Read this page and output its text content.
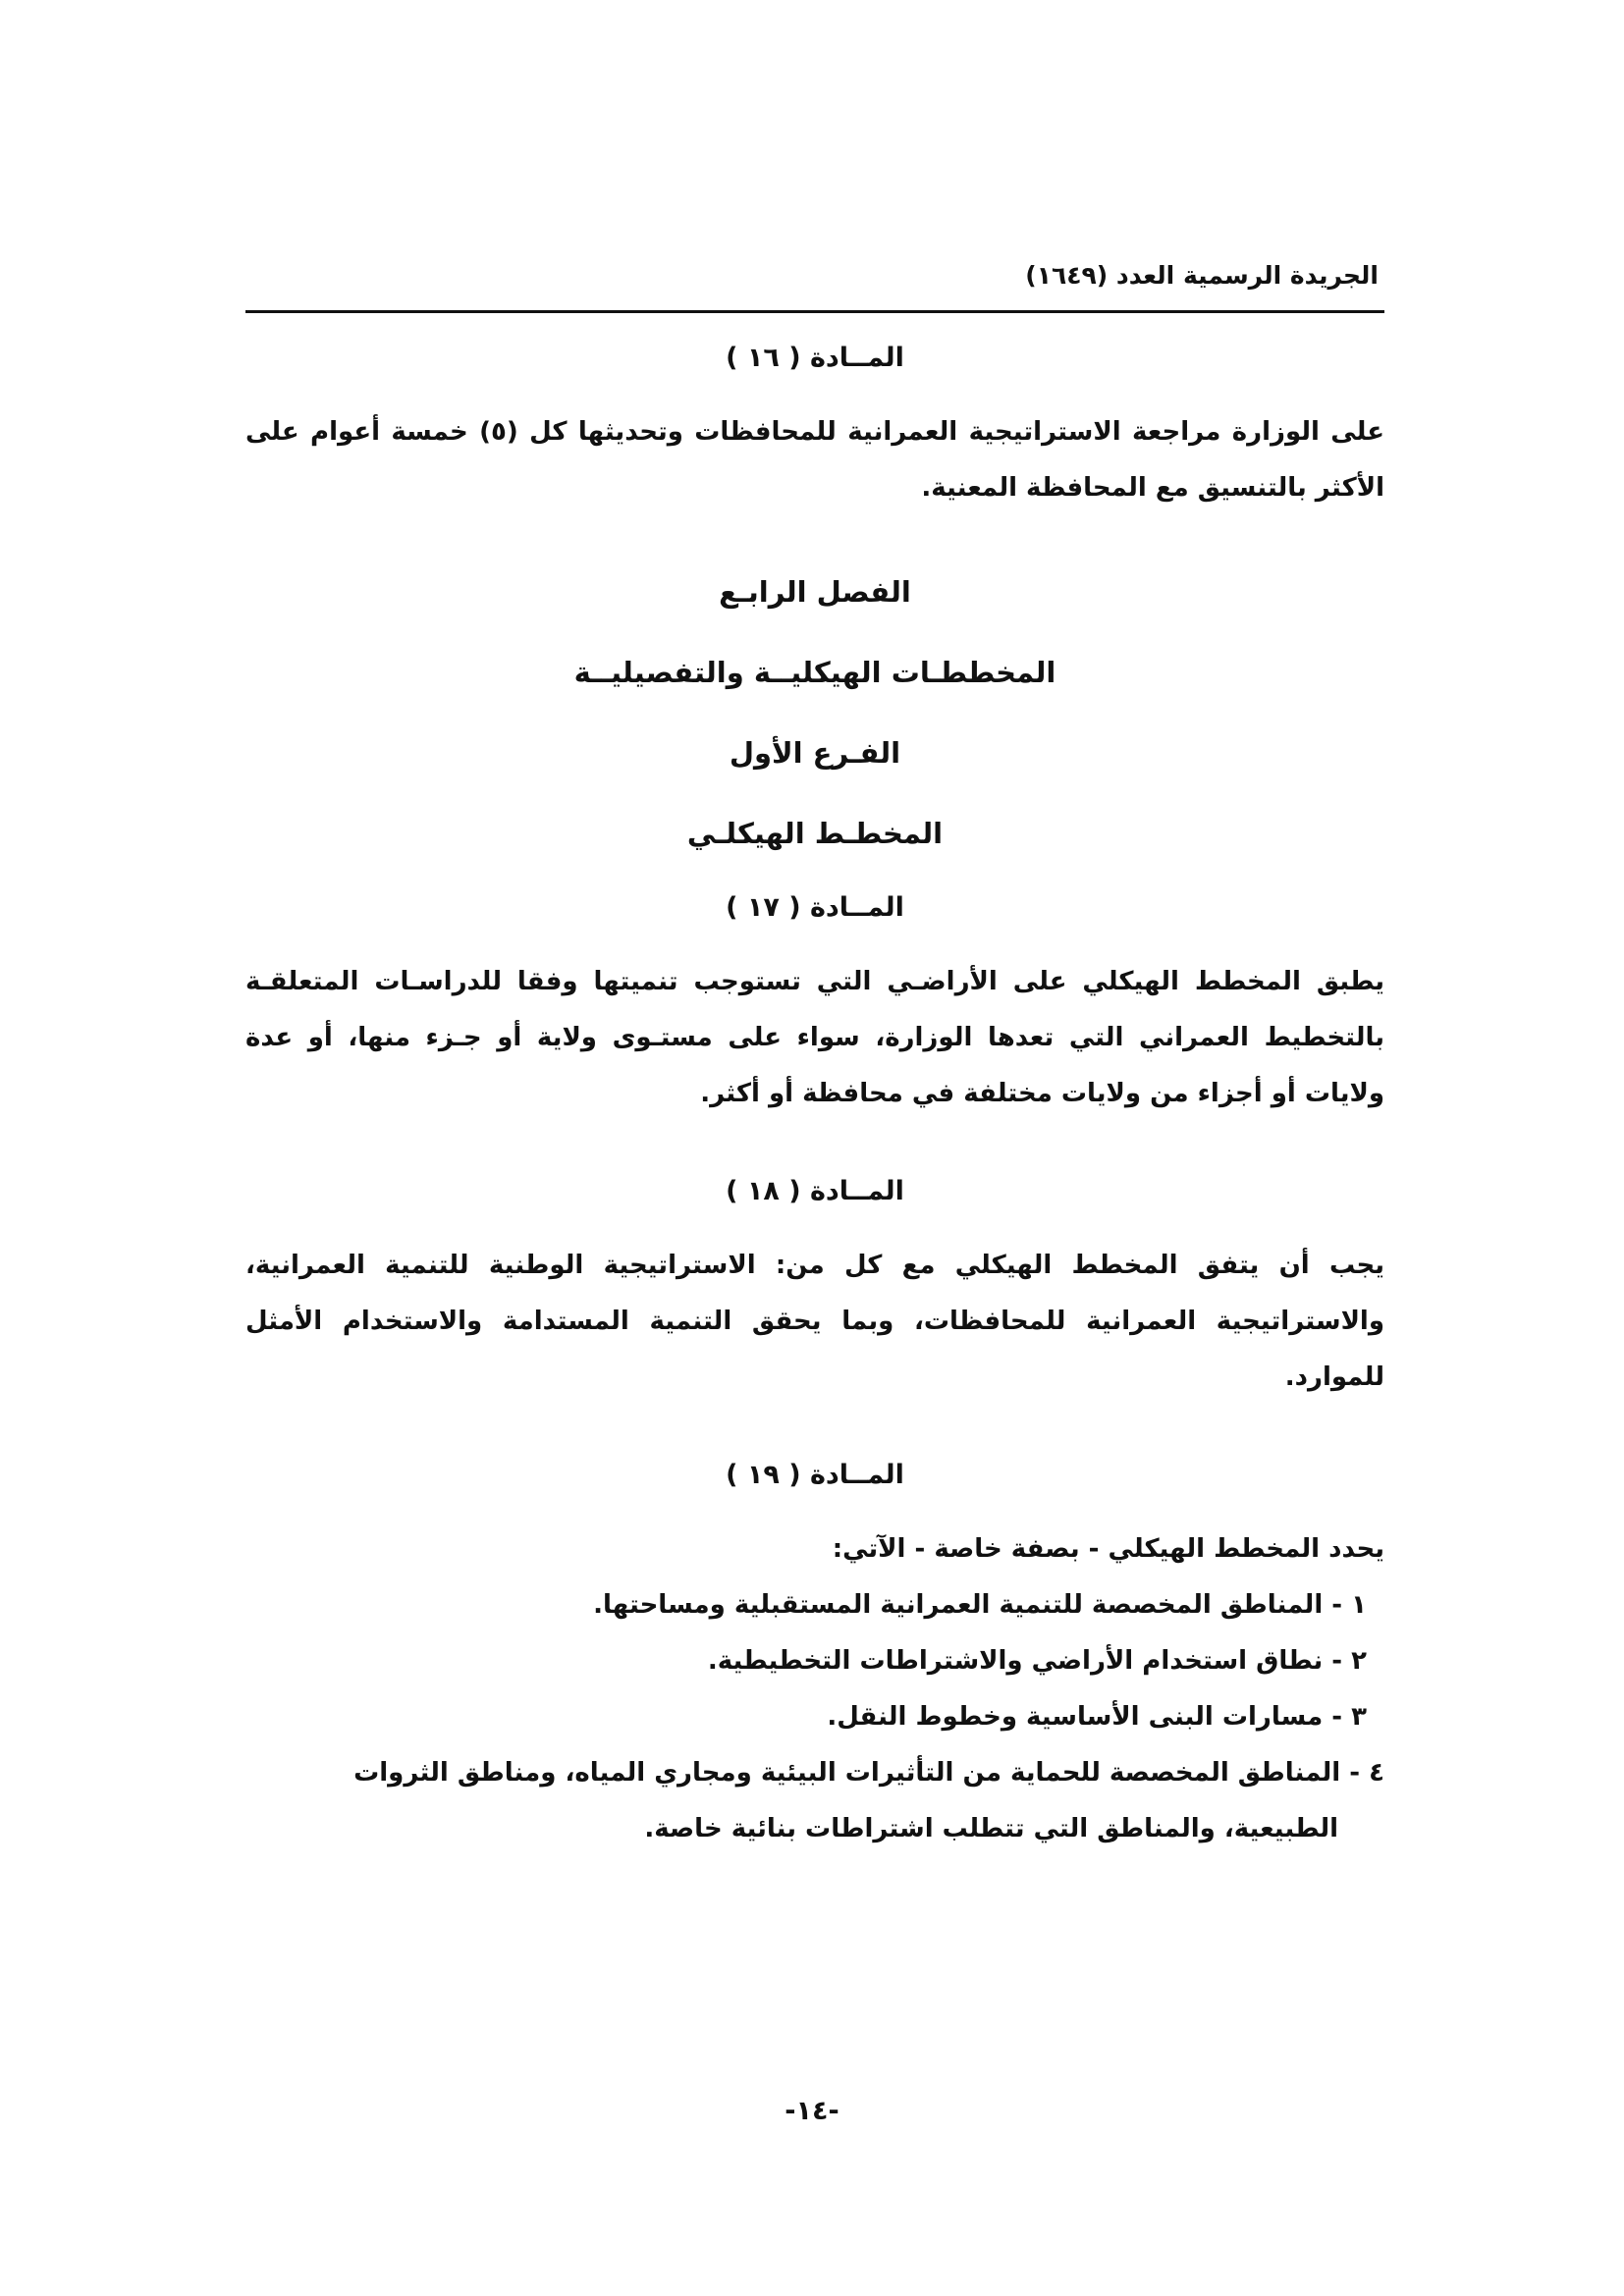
الجريدة الرسمية العدد (١٦٤٩)
المــادة ( ١٦ )

على الوزارة مراجعة الاستراتيجية العمرانية للمحافظات وتحديثها كل (٥) خمسة أعوام على الأكثر بالتنسيق مع المحافظة المعنية.

الفصل الرابـع
المخططـات الهيكليــة والتفصيليــة
الفـرع الأول
المخطـط الهيكلـي
المــادة ( ١٧ )

يطبق المخطط الهيكلي على الأراضـي التي تستوجب تنميتها وفقا للدراسـات المتعلقـة بالتخطيط العمراني التي تعدها الوزارة، سواء على مستـوى ولاية أو جـزء منها، أو عدة ولايات أو أجزاء من ولايات مختلفة في محافظة أو أكثر.

المــادة ( ١٨ )

يجب أن يتفق المخطط الهيكلي مع كل من: الاستراتيجية الوطنية للتنمية العمرانية، والاستراتيجية العمرانية للمحافظات، وبما يحقق التنمية المستدامة والاستخدام الأمثل للموارد.

المــادة ( ١٩ )

يحدد المخطط الهيكلي - بصفة خاصة - الآتي:

١ - المناطق المخصصة للتنمية العمرانية المستقبلية ومساحتها.
٢ - نطاق استخدام الأراضي والاشتراطات التخطيطية.
٣ - مسارات البنى الأساسية وخطوط النقل.
٤ - المناطق المخصصة للحماية من التأثيرات البيئية ومجاري المياه، ومناطق الثروات
الطبيعية، والمناطق التي تتطلب اشتراطات بنائية خاصة.
-١٤-
